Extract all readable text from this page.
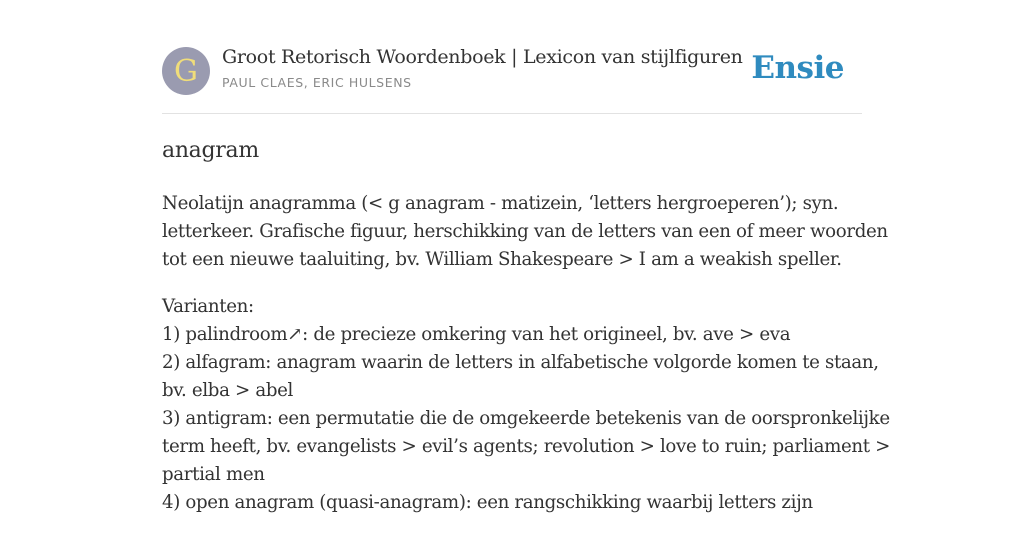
G Groot Retorisch Woordenboek | Lexicon van stijlfiguren
PAUL CLAES, ERIC HULSENS	Ensie
anagram

Neolatijn anagramma (< g anagram - matizein, ‘letters hergroeperen’); syn.
letterkeer. Grafische figuur, herschikking van de letters van een of meer woorden
tot een nieuwe taaluiting, bv. William Shakespeare > I am a weakish speller.

Varianten:
1) palindroom↗: de precieze omkering van het origineel, bv. ave > eva
2) alfagram: anagram waarin de letters in alfabetische volgorde komen te staan,
bv. elba > abel
3) antigram: een permutatie die de omgekeerde betekenis van de oorspronkelijke
term heeft, bv. evangelists > evil’s agents; revolution > love to ruin; parliament >
partial men
4) open anagram (quasi-anagram): een rangschikking waarbij letters zijn
